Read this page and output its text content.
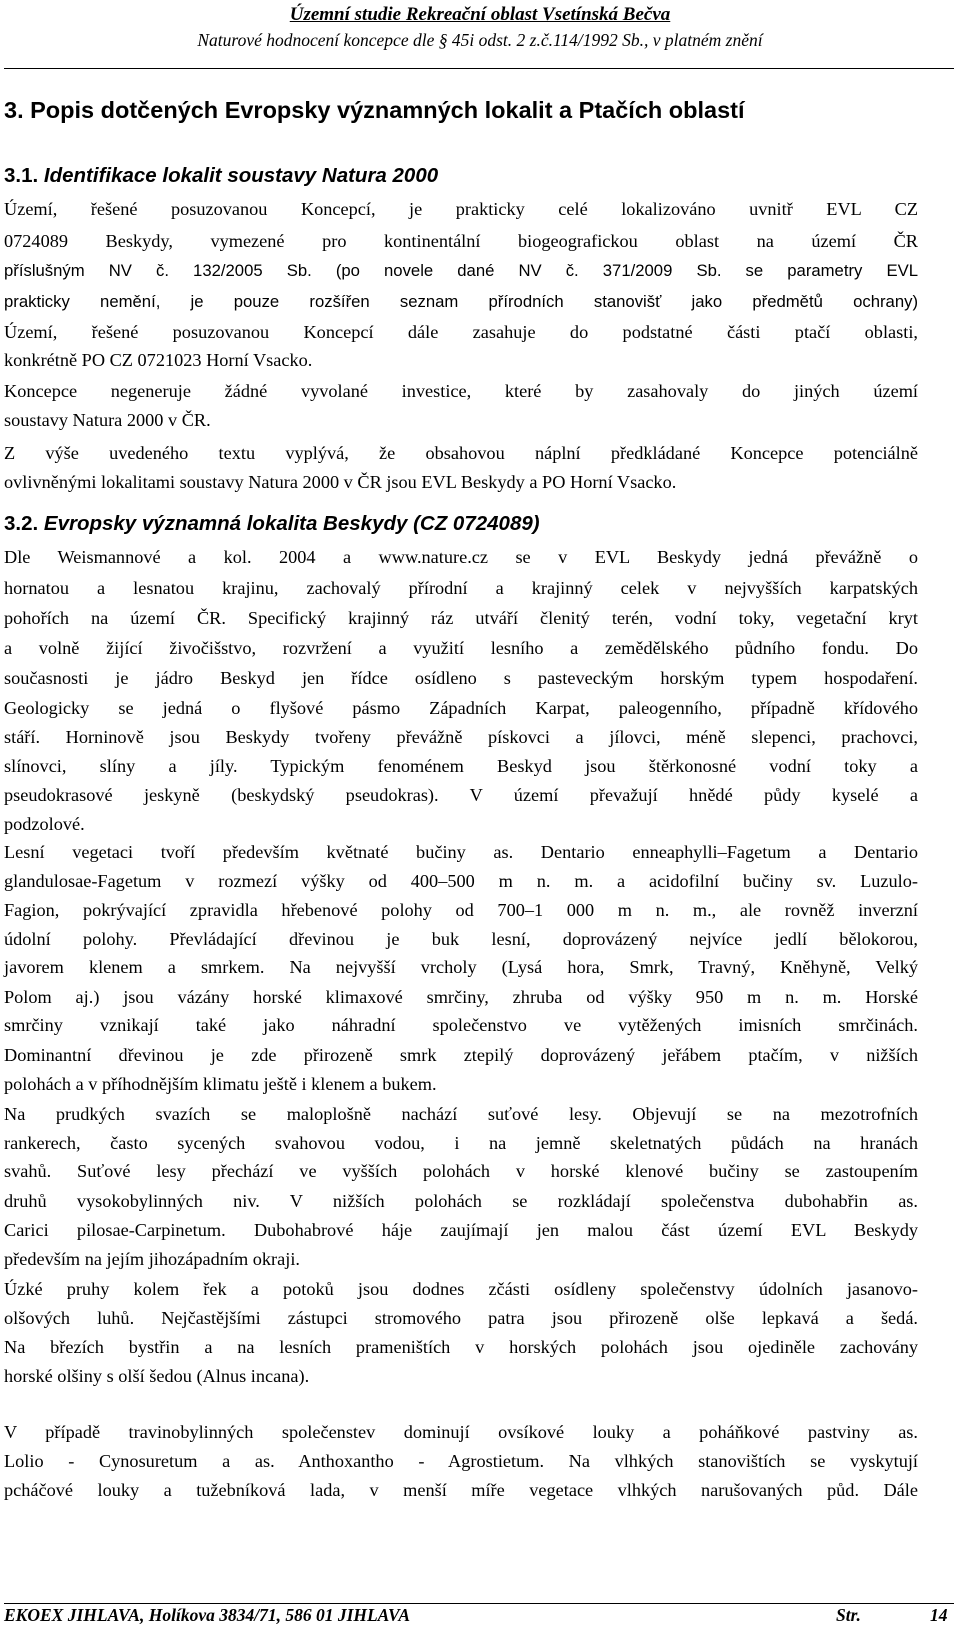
Územní studie Rekreační oblast Vsetínská Bečva
Naturové hodnocení koncepce dle § 45i odst. 2 z.č.114/1992 Sb., v platném znění
3. Popis dotčených Evropsky významných lokalit a Ptačích oblastí
3.1. Identifikace lokalit soustavy Natura 2000
Území, řešené posuzovanou Koncepcí, je prakticky celé lokalizováno uvnitř EVL CZ
0724089 Beskydy, vymezené pro kontinentální biogeografickou oblast na území ČR
příslušným NV č. 132/2005 Sb. (po novele dané NV č. 371/2009 Sb. se parametry EVL
prakticky nemění, je pouze rozšířen seznam přírodních stanovišť jako předmětů ochrany)
Území, řešené posuzovanou Koncepcí dále zasahuje do podstatné části ptačí oblasti,
konkrétně PO CZ 0721023 Horní Vsacko.
Koncepce negeneruje žádné vyvolané investice, které by zasahovaly do jiných území
soustavy Natura 2000 v ČR.
Z výše uvedeného textu vyplývá, že obsahovou náplní předkládané Koncepce potenciálně
ovlivněnými lokalitami soustavy Natura 2000 v ČR jsou EVL Beskydy a PO Horní Vsacko.
3.2. Evropsky významná lokalita Beskydy (CZ 0724089)
Dle Weismannové a kol. 2004 a www.nature.cz se v EVL Beskydy jedná převážně o
hornatou a lesnatou krajinu, zachovalý přírodní a krajinný celek v nejvyšších karpatských
pohořích na území ČR. Specifický krajinný ráz utváří členitý terén, vodní toky, vegetační kryt
a volně žijící živočišstvo, rozvržení a využití lesního a zemědělského půdního fondu. Do
současnosti je jádro Beskyd jen řídce osídleno s pasteveckým horským typem hospodaření.
Geologicky se jedná o flyšové pásmo Západních Karpat, paleogenního, případně křídového
stáří. Horninově jsou Beskydy tvořeny převážně pískovci a jílovci, méně slepenci, prachovci,
slínovci, slíny a jíly. Typickým fenoménem Beskyd jsou štěrkonosné vodní toky a
pseudokrasové jeskyně (beskydský pseudokras). V území převažují hnědé půdy kyselé a
podzolové.
Lesní vegetaci tvoří především květnaté bučiny as. Dentario enneaphylli–Fagetum a Dentario
glandulosae-Fagetum v rozmezí výšky od 400–500 m n. m. a acidofilní bučiny sv. Luzulo-
Fagion, pokrývající zpravidla hřebenové polohy od 700–1 000 m n. m., ale rovněž inverzní
údolní polohy. Převládající dřevinou je buk lesní, doprovázený nejvíce jedlí bělokorou,
javorem klenem a smrkem. Na nejvyšší vrcholy (Lysá hora, Smrk, Travný, Kněhyně, Velký
Polom aj.) jsou vázány horské klimaxové smrčiny, zhruba od výšky 950 m n. m. Horské
smrčiny vznikají také jako náhradní společenstvo ve vytěžených imisních smrčinách.
Dominantní dřevinou je zde přirozeně smrk ztepilý doprovázený jeřábem ptačím, v nižších
polohách a v příhodnějším klimatu ještě i klenem a bukem.
Na prudkých svazích se maloplošně nachází suťové lesy. Objevují se na mezotrofních
rankerech, často sycených svahovou vodou, i na jemně skeletnatých půdách na hranách
svahů. Suťové lesy přechází ve vyšších polohách v horské klenové bučiny se zastoupením
druhů vysokobylinných niv. V nižších polohách se rozkládají společenstva dubohabřin as.
Carici pilosae-Carpinetum. Dubohabrové háje zaujímají jen malou část území EVL Beskydy
především na jejím jihozápadním okraji.
Úzké pruhy kolem řek a potoků jsou dodnes zčásti osídleny společenstvy údolních jasanovo-
olšových luhů. Nejčastějšími zástupci stromového patra jsou přirozeně olše lepkavá a šedá.
Na březích bystřin a na lesních prameništích v horských polohách jsou ojediněle zachovány
horské olšiny s olší šedou (Alnus incana).
V případě travinobylinných společenstev dominují ovsíkové louky a poháňkové pastviny as.
Lolio - Cynosuretum a as. Anthoxantho - Agrostietum. Na vlhkých stanovištích se vyskytují
pcháčové louky a tužebníková lada, v menší míře vegetace vlhkých narušovaných půd. Dále
EKOEX JIHLAVA, Holíkova 3834/71, 586 01 JIHLAVA	Str.	14
